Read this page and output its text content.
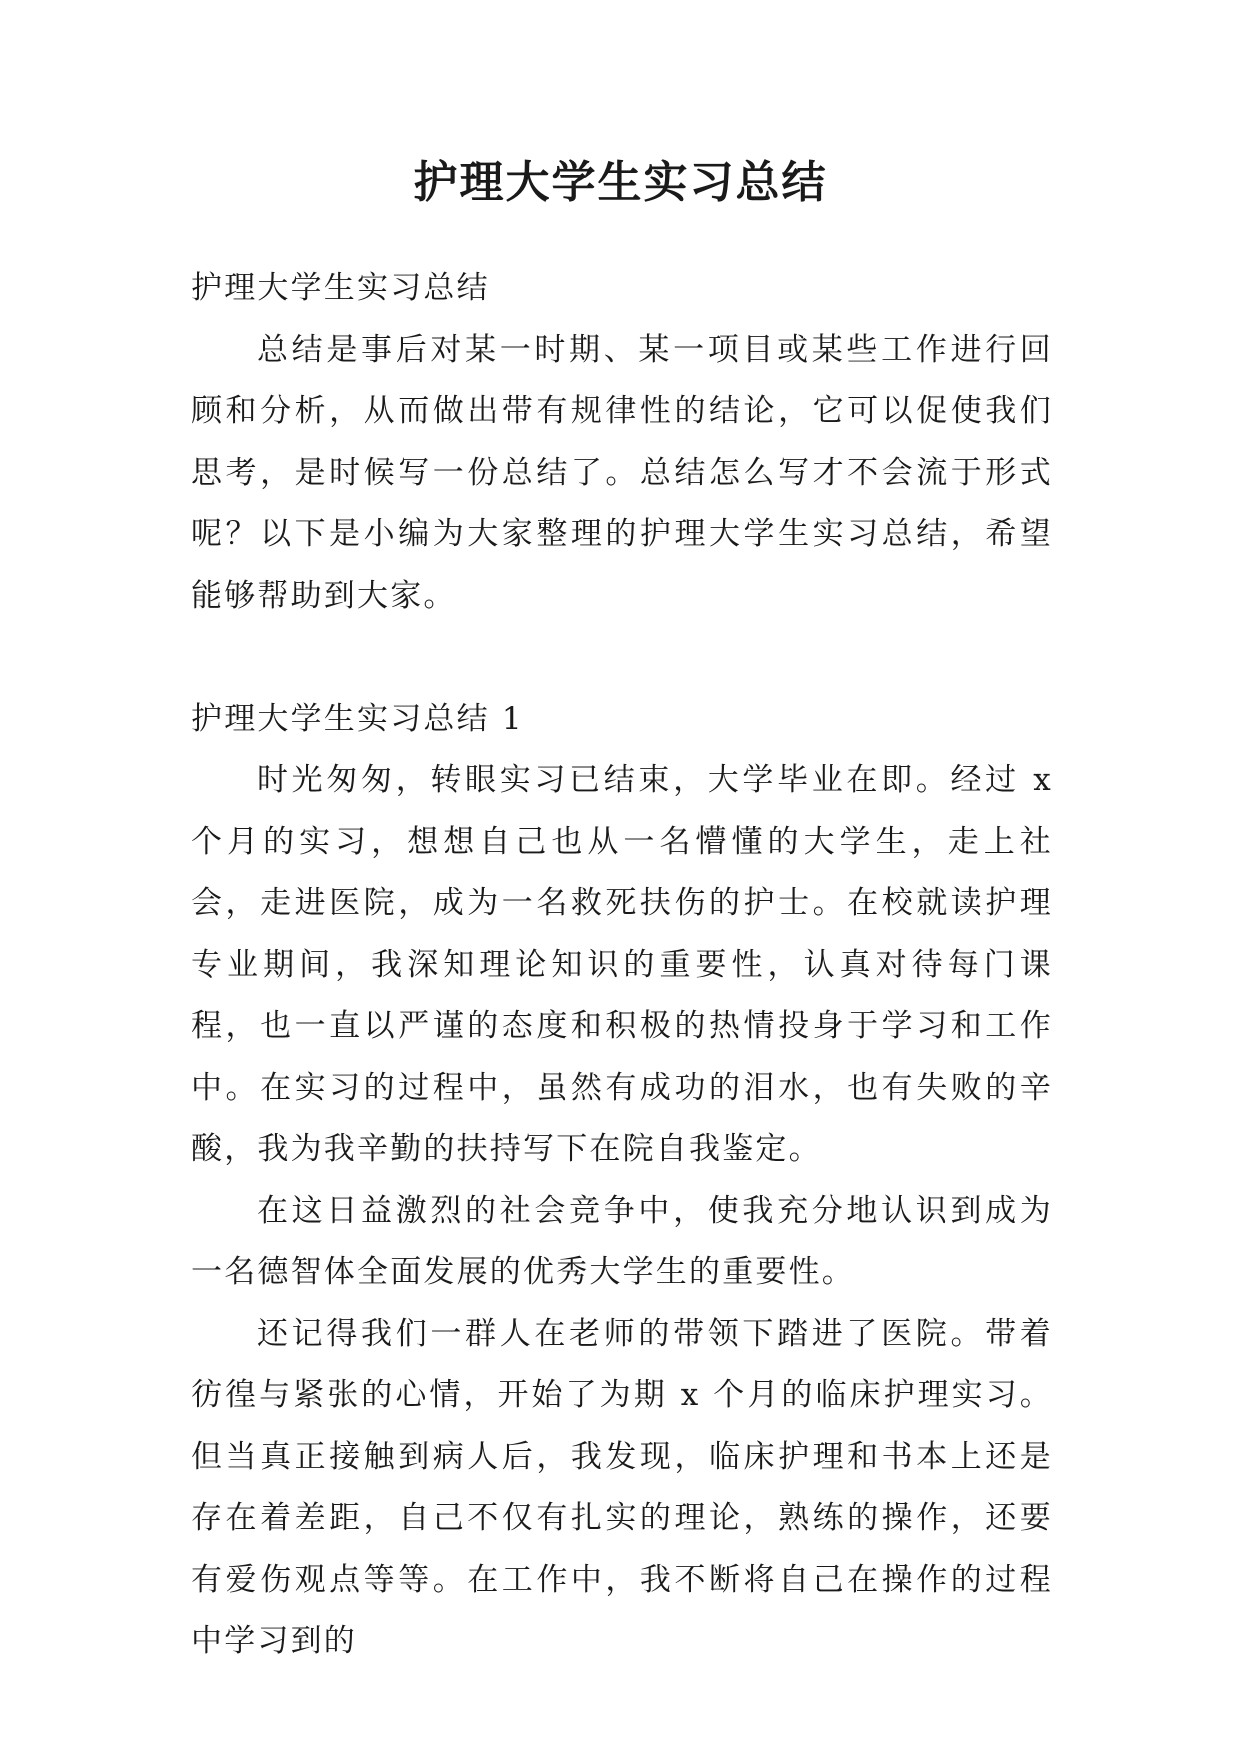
护理大学生实习总结

护理大学生实习总结

总结是事后对某一时期、某一项目或某些工作进行回顾和分析，从而做出带有规律性的结论，它可以促使我们思考，是时候写一份总结了。总结怎么写才不会流于形式呢？以下是小编为大家整理的护理大学生实习总结，希望能够帮助到大家。

护理大学生实习总结 1

时光匆匆，转眼实习已结束，大学毕业在即。经过 x 个月的实习，想想自己也从一名懵懂的大学生，走上社会，走进医院，成为一名救死扶伤的护士。在校就读护理专业期间，我深知理论知识的重要性，认真对待每门课程，也一直以严谨的态度和积极的热情投身于学习和工作中。在实习的过程中，虽然有成功的泪水，也有失败的辛酸，我为我辛勤的扶持写下在院自我鉴定。

在这日益激烈的社会竞争中，使我充分地认识到成为一名德智体全面发展的优秀大学生的重要性。

还记得我们一群人在老师的带领下踏进了医院。带着彷徨与紧张的心情，开始了为期 x 个月的临床护理实习。但当真正接触到病人后，我发现，临床护理和书本上还是存在着差距，自己不仅有扎实的理论，熟练的操作，还要有爱伤观点等等。在工作中，我不断将自己在操作的过程中学习到的
